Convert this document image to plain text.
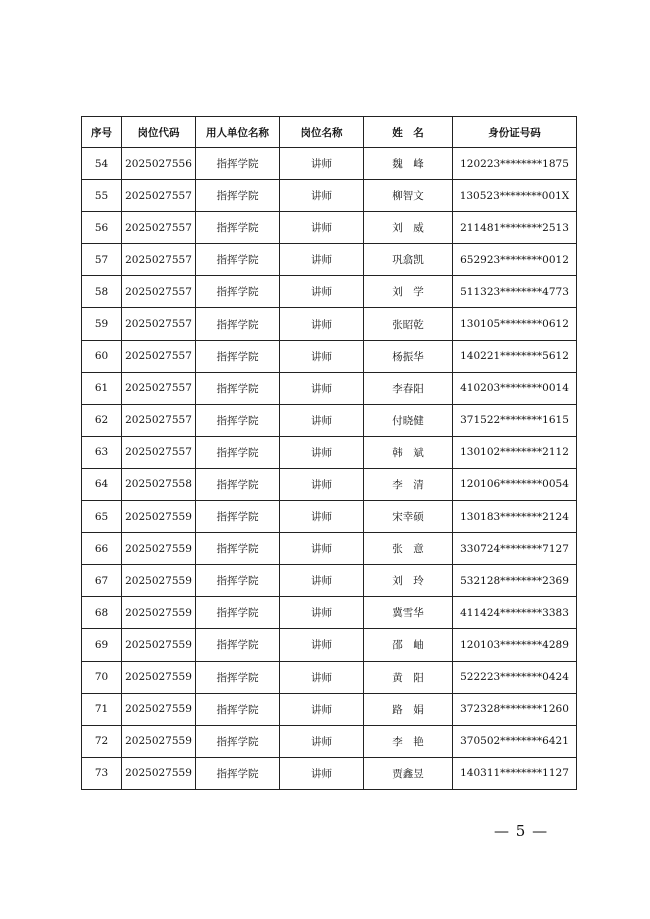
序号	岗位代码	用人单位名称	岗位名称	姓　名	身份证号码
54	2025027556	指挥学院	讲师	魏　峰	120223********1875
55	2025027557	指挥学院	讲师	柳智文	130523********001X
56	2025027557	指挥学院	讲师	刘　威	211481********2513
57	2025027557	指挥学院	讲师	巩翕凯	652923********0012
58	2025027557	指挥学院	讲师	刘　学	511323********4773
59	2025027557	指挥学院	讲师	张昭乾	130105********0612
60	2025027557	指挥学院	讲师	杨振华	140221********5612
61	2025027557	指挥学院	讲师	李春阳	410203********0014
62	2025027557	指挥学院	讲师	付晓健	371522********1615
63	2025027557	指挥学院	讲师	韩　斌	130102********2112
64	2025027558	指挥学院	讲师	李　清	120106********0054
65	2025027559	指挥学院	讲师	宋幸硕	130183********2124
66	2025027559	指挥学院	讲师	张　意	330724********7127
67	2025027559	指挥学院	讲师	刘　玲	532128********2369
68	2025027559	指挥学院	讲师	冀雪华	411424********3383
69	2025027559	指挥学院	讲师	邵　岫	120103********4289
70	2025027559	指挥学院	讲师	黄　阳	522223********0424
71	2025027559	指挥学院	讲师	路　娟	372328********1260
72	2025027559	指挥学院	讲师	李　艳	370502********6421
73	2025027559	指挥学院	讲师	贾鑫昱	140311********1127
— 5 —
